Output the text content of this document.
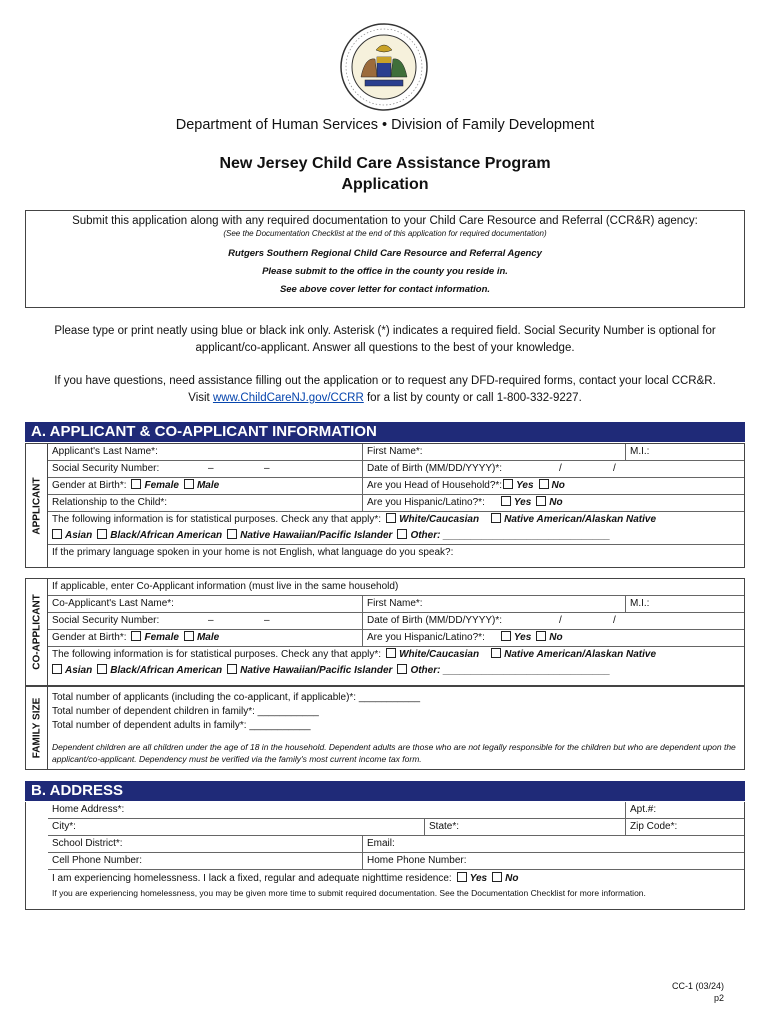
Department of Human Services • Division of Family Development
New Jersey Child Care Assistance Program
Application
Submit this application along with any required documentation to your Child Care Resource and Referral (CCR&R) agency:
(See the Documentation Checklist at the end of this application for required documentation)
Rutgers Southern Regional Child Care Resource and Referral Agency
Please submit to the office in the county you reside in.
See above cover letter for contact information.
Please type or print neatly using blue or black ink only. Asterisk (*) indicates a required field. Social Security Number is optional for applicant/co-applicant. Answer all questions to the best of your knowledge.
If you have questions, need assistance filling out the application or to request any DFD-required forms, contact your local CCR&R.
Visit www.ChildCareNJ.gov/CCRR for a list by county or call 1-800-332-9227.
A. APPLICANT & CO-APPLICANT INFORMATION
APPLICANT
Applicant's Last Name*:	First Name*:	M.I.:
Social Security Number:	–	–	Date of Birth (MM/DD/YYYY)*:	/	/
Gender at Birth*: Female Male	Are you Head of Household?*: Yes No
Relationship to the Child*:	Are you Hispanic/Latino?*:	Yes No
The following information is for statistical purposes. Check any that apply*: White/Caucasian	Native American/Alaskan Native
Asian Black/African American Native Hawaiian/Pacific Islander Other: ______________________________
If the primary language spoken in your home is not English, what language do you speak?:
CO-APPLICANT
If applicable, enter Co-Applicant information (must live in the same household)
Co-Applicant's Last Name*:	First Name*:	M.I.:
Social Security Number:	–	–	Date of Birth (MM/DD/YYYY)*:	/	/
Gender at Birth*: Female Male	Are you Hispanic/Latino?*:	Yes No
The following information is for statistical purposes. Check any that apply*: White/Caucasian	Native American/Alaskan Native
Asian Black/African American Native Hawaiian/Pacific Islander Other: ______________________________
FAMILY SIZE
Total number of applicants (including the co-applicant, if applicable)*: ___________
Total number of dependent children in family*: ___________
Total number of dependent adults in family*: ___________
Dependent children are all children under the age of 18 in the household. Dependent adults are those who are not legally responsible for the children but who are dependent upon the applicant/co-applicant. Dependency must be verified via the family's most current income tax form.
B. ADDRESS
Home Address*:	Apt.#:
City*:	State*:	Zip Code*:
School District*:	Email:
Cell Phone Number:	Home Phone Number:
I am experiencing homelessness. I lack a fixed, regular and adequate nighttime residence: Yes No
If you are experiencing homelessness, you may be given more time to submit required documentation. See the Documentation Checklist for more information.
CC-1 (03/24)
p2
